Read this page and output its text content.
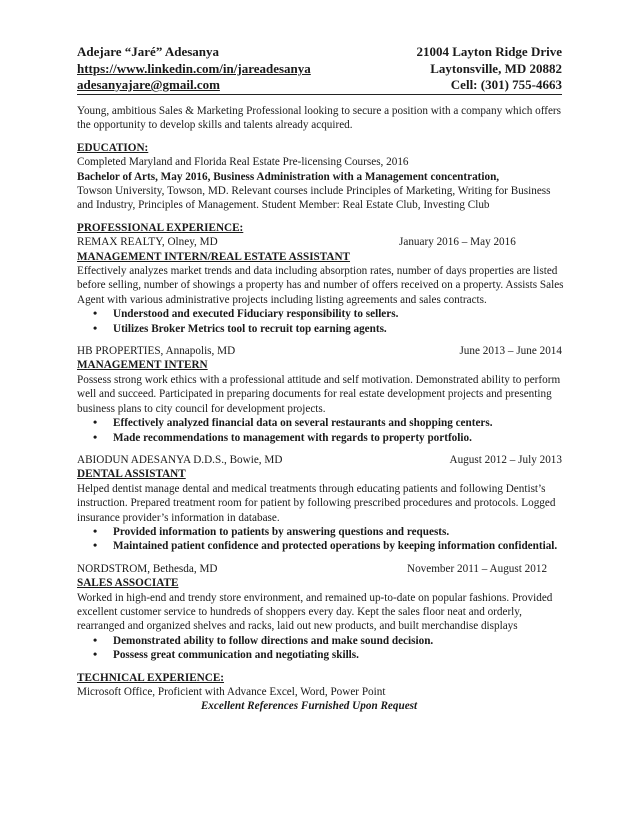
Adejare “Jaré” Adesanya	21004 Layton Ridge Drive
https://www.linkedin.com/in/jareadesanya	Laytonsville, MD 20882
adesanyajare@gmail.com	Cell: (301) 755-4663

Young, ambitious Sales & Marketing Professional looking to secure a position with a company which offers the opportunity to develop skills and talents already acquired.

EDUCATION:

Completed Maryland and Florida Real Estate Pre-licensing Courses, 2016

Bachelor of Arts, May 2016, Business Administration with a Management concentration,

Towson University, Towson, MD. Relevant courses include Principles of Marketing, Writing for Business and Industry, Principles of Management. Student Member: Real Estate Club, Investing Club

PROFESSIONAL EXPERIENCE:

REMAX REALTY, Olney, MD	January 2016 – May 2016

MANAGEMENT INTERN/REAL ESTATE ASSISTANT

Effectively analyzes market trends and data including absorption rates, number of days properties are listed before selling, number of showings a property has and number of offers received on a property. Assists Sales Agent with various administrative projects including listing agreements and sales contracts.

• Understood and executed Fiduciary responsibility to sellers.
• Utilizes Broker Metrics tool to recruit top earning agents.
HB PROPERTIES, Annapolis, MD	June 2013 – June 2014

MANAGEMENT INTERN

Possess strong work ethics with a professional attitude and self motivation. Demonstrated ability to perform well and succeed. Participated in preparing documents for real estate development projects and presenting business plans to city council for development projects.

• Effectively analyzed financial data on several restaurants and shopping centers.
• Made recommendations to management with regards to property portfolio.
ABIODUN ADESANYA D.D.S., Bowie, MD	August 2012 – July 2013

DENTAL ASSISTANT

Helped dentist manage dental and medical treatments through educating patients and following Dentist’s instruction. Prepared treatment room for patient by following prescribed procedures and protocols. Logged insurance provider’s information in database.

• Provided information to patients by answering questions and requests.
• Maintained patient confidence and protected operations by keeping information confidential.
NORDSTROM, Bethesda, MD	November 2011 – August 2012

SALES ASSOCIATE

Worked in high-end and trendy store environment, and remained up-to-date on popular fashions. Provided excellent customer service to hundreds of shoppers every day. Kept the sales floor neat and orderly, rearranged and organized shelves and racks, laid out new products, and built merchandise displays

• Demonstrated ability to follow directions and make sound decision.
• Possess great communication and negotiating skills.

TECHNICAL EXPERIENCE:

Microsoft Office, Proficient with Advance Excel, Word, Power Point

Excellent References Furnished Upon Request
